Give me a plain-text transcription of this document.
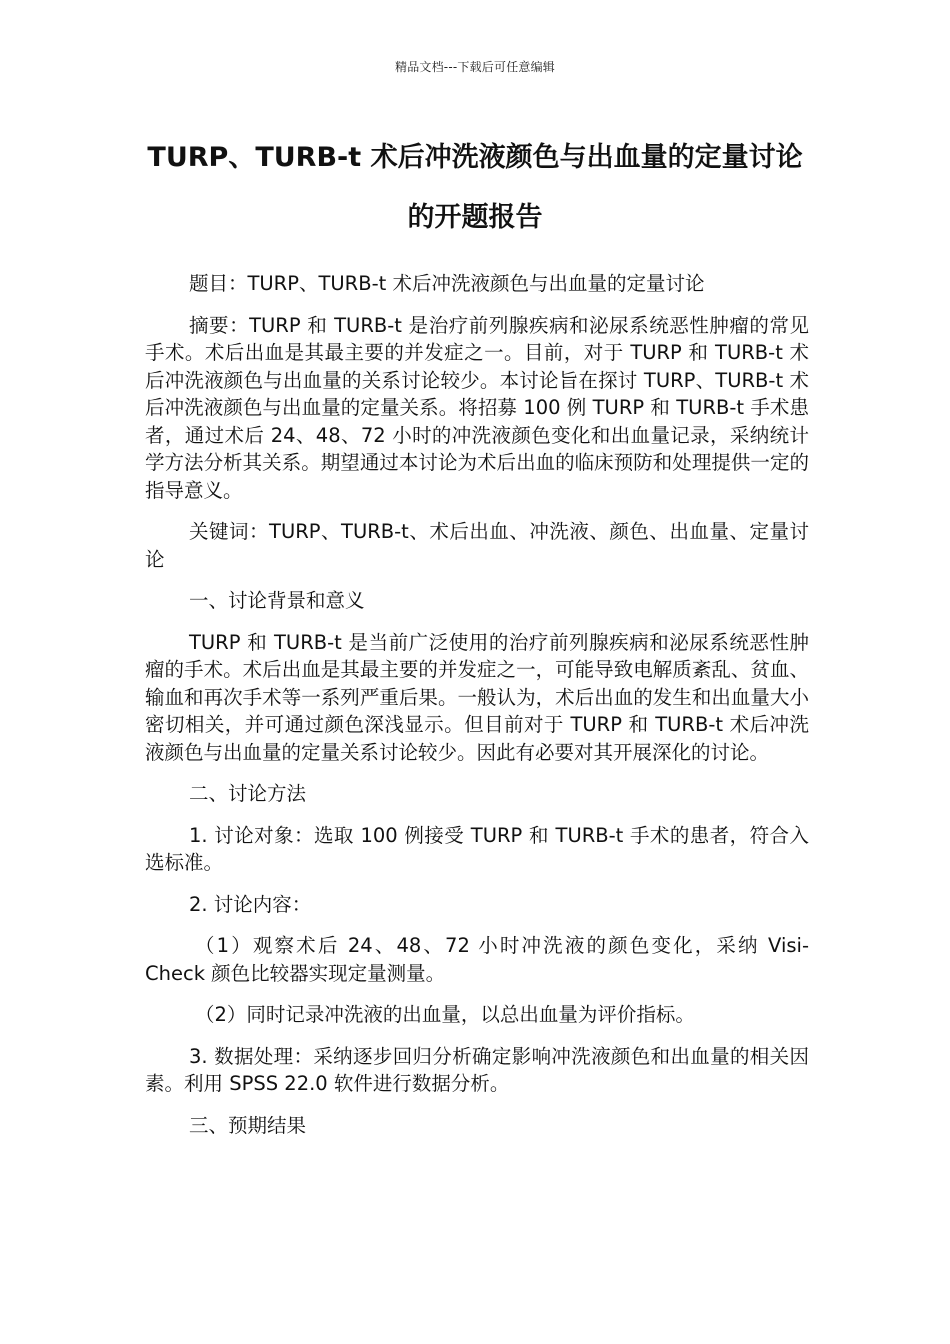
精品文档---下载后可任意编辑
TURP、TURB-t 术后冲洗液颜色与出血量的定量讨论的开题报告

题目：TURP、TURB-t 术后冲洗液颜色与出血量的定量讨论

摘要：TURP 和 TURB-t 是治疗前列腺疾病和泌尿系统恶性肿瘤的常见手术。术后出血是其最主要的并发症之一。目前，对于 TURP 和 TURB-t 术后冲洗液颜色与出血量的关系讨论较少。本讨论旨在探讨 TURP、TURB-t 术后冲洗液颜色与出血量的定量关系。将招募 100 例 TURP 和 TURB-t 手术患者，通过术后 24、48、72 小时的冲洗液颜色变化和出血量记录，采纳统计学方法分析其关系。期望通过本讨论为术后出血的临床预防和处理提供一定的指导意义。

关键词：TURP、TURB-t、术后出血、冲洗液、颜色、出血量、定量讨论

一、讨论背景和意义

TURP 和 TURB-t 是当前广泛使用的治疗前列腺疾病和泌尿系统恶性肿瘤的手术。术后出血是其最主要的并发症之一，可能导致电解质紊乱、贫血、输血和再次手术等一系列严重后果。一般认为，术后出血的发生和出血量大小密切相关，并可通过颜色深浅显示。但目前对于 TURP 和 TURB-t 术后冲洗液颜色与出血量的定量关系讨论较少。因此有必要对其开展深化的讨论。

二、讨论方法

1. 讨论对象：选取 100 例接受 TURP 和 TURB-t 手术的患者，符合入选标准。

2. 讨论内容：

（1）观察术后 24、48、72 小时冲洗液的颜色变化，采纳 Visi-Check 颜色比较器实现定量测量。

（2）同时记录冲洗液的出血量，以总出血量为评价指标。

3. 数据处理：采纳逐步回归分析确定影响冲洗液颜色和出血量的相关因素。利用 SPSS 22.0 软件进行数据分析。

三、预期结果
